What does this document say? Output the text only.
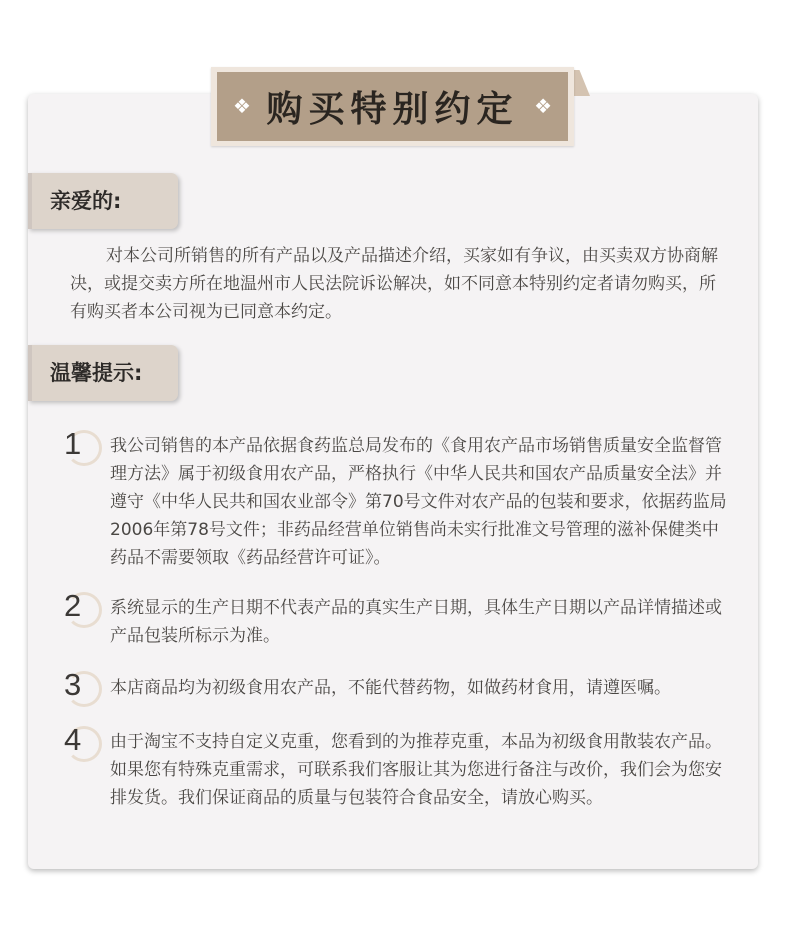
❖ 购买特别约定 ❖
亲爱的:
对本公司所销售的所有产品以及产品描述介绍，买家如有争议，由买卖双方协商解决，或提交卖方所在地温州市人民法院诉讼解决，如不同意本特别约定者请勿购买，所有购买者本公司视为已同意本约定。
温馨提示:
1 我公司销售的本产品依据食药监总局发布的《食用农产品市场销售质量安全监督管理方法》属于初级食用农产品，严格执行《中华人民共和国农产品质量安全法》并遵守《中华人民共和国农业部令》第70号文件对农产品的包装和要求，依据药监局2006年第78号文件；非药品经营单位销售尚未实行批准文号管理的滋补保健类中药品不需要领取《药品经营许可证》。
2 系统显示的生产日期不代表产品的真实生产日期，具体生产日期以产品详情描述或产品包装所标示为准。
3 本店商品均为初级食用农产品，不能代替药物，如做药材食用，请遵医嘱。
4 由于淘宝不支持自定义克重，您看到的为推荐克重，本品为初级食用散装农产品。如果您有特殊克重需求，可联系我们客服让其为您进行备注与改价，我们会为您安排发货。我们保证商品的质量与包装符合食品安全，请放心购买。
